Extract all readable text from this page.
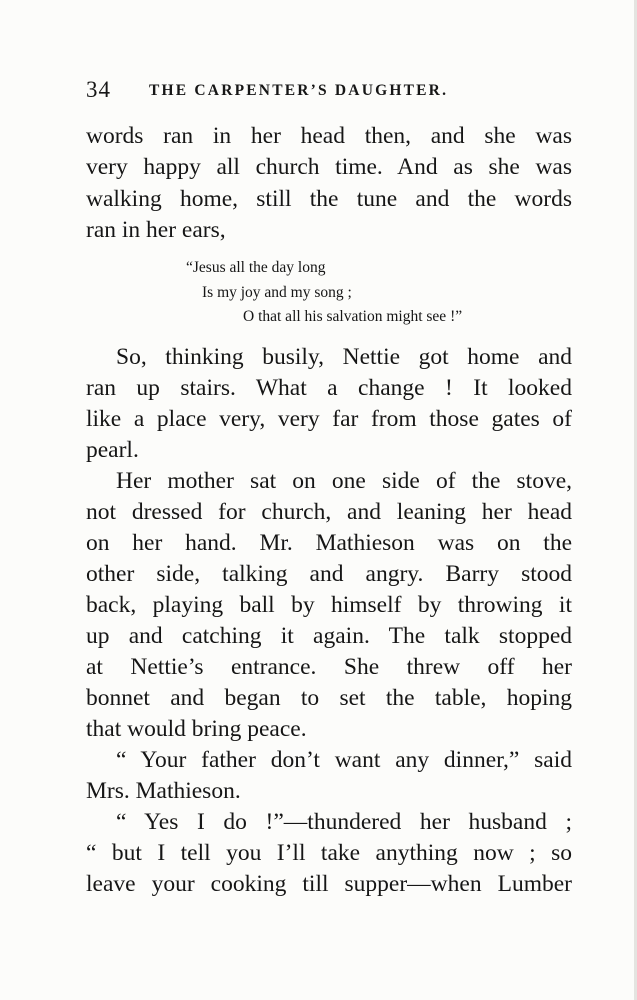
34 THE CARPENTER’S DAUGHTER.
words ran in her head then, and she was
very happy all church time. And as she was
walking home, still the tune and the words
ran in her ears,
“Jesus all the day long
Is my joy and my song ;
O that all his salvation might see !”
So, thinking busily, Nettie got home and
ran up stairs. What a change ! It looked
like a place very, very far from those gates of
pearl.
Her mother sat on one side of the stove,
not dressed for church, and leaning her head
on her hand. Mr. Mathieson was on the
other side, talking and angry. Barry stood
back, playing ball by himself by throwing it
up and catching it again. The talk stopped
at Nettie’s entrance. She threw off her
bonnet and began to set the table, hoping
that would bring peace.
“ Your father don’t want any dinner,” said
Mrs. Mathieson.
“ Yes I do !”—thundered her husband ;
“ but I tell you I’ll take anything now ; so
leave your cooking till supper—when Lumber
